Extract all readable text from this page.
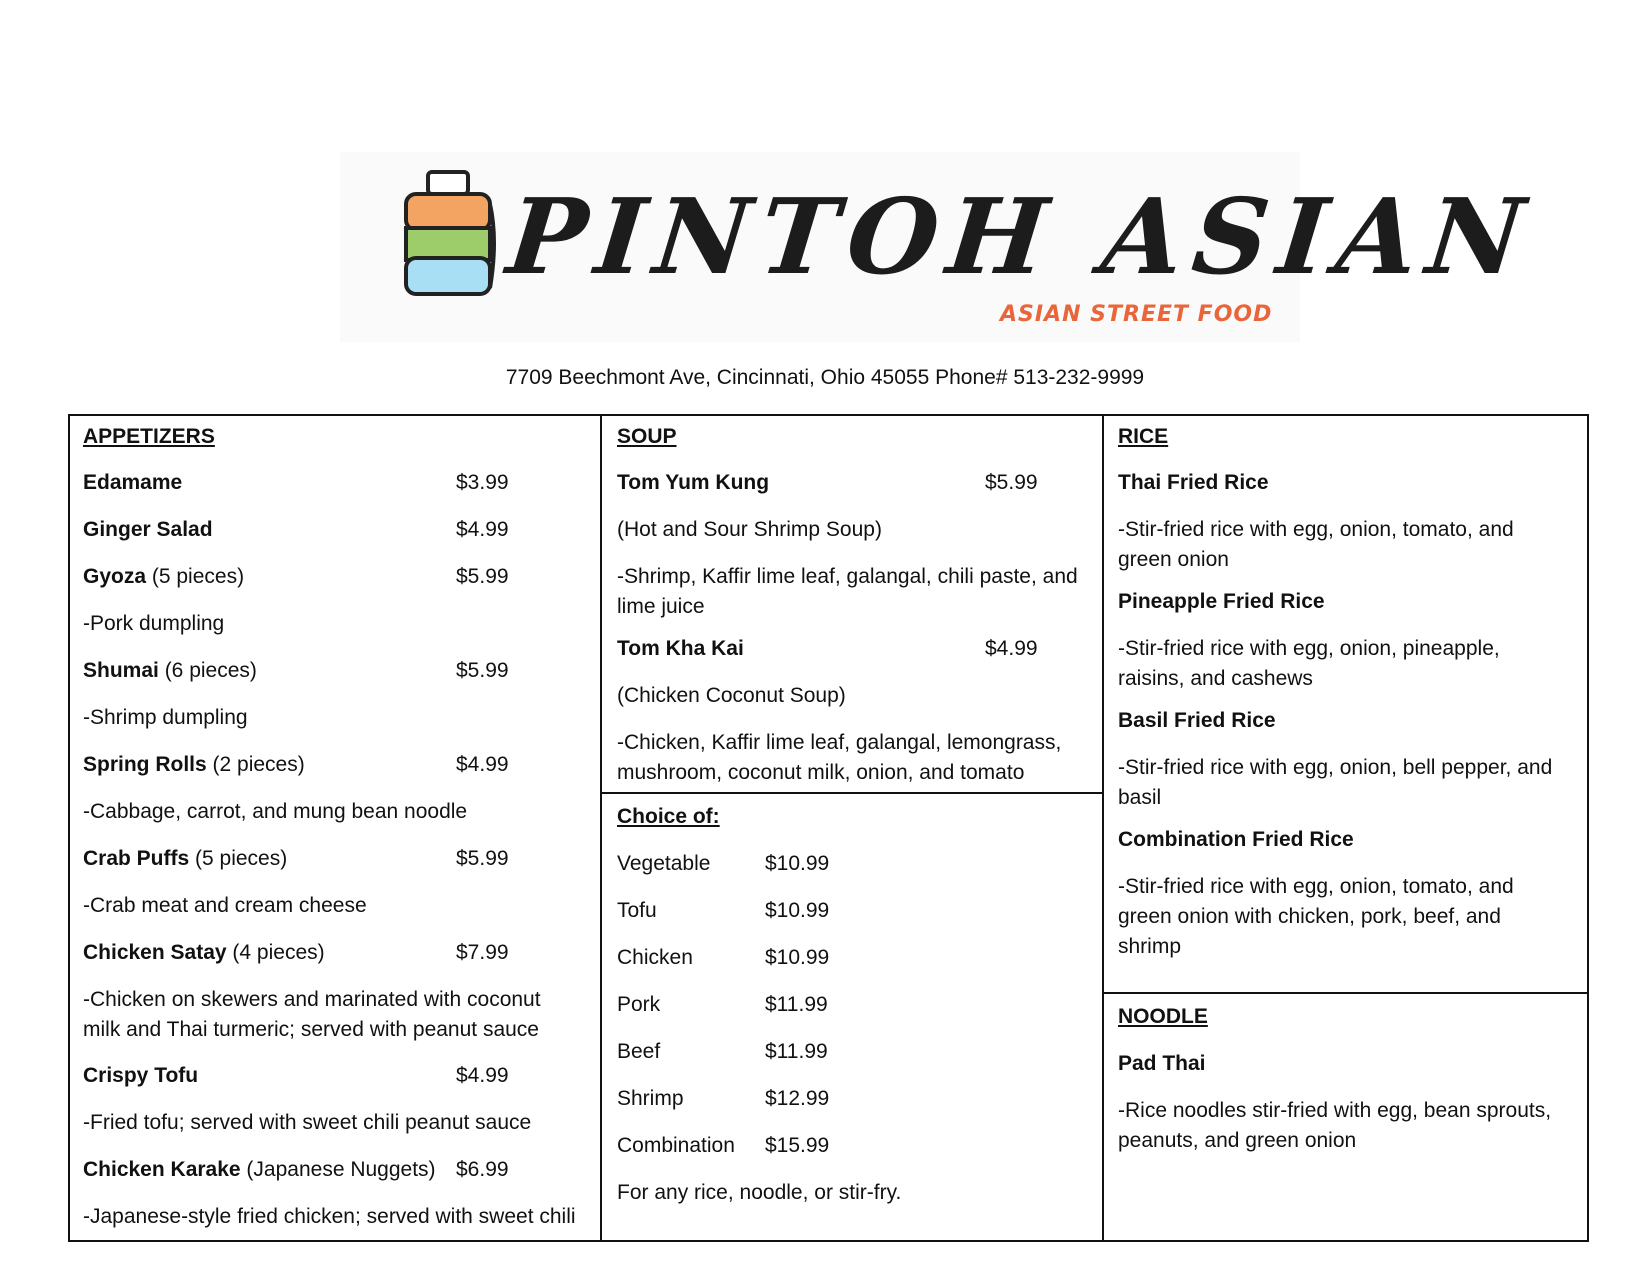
PINTOH ASIAN
ASIAN STREET FOOD
7709 Beechmont Ave, Cincinnati, Ohio 45055 Phone# 513-232-9999
APPETIZERS
Edamame	$3.99
Ginger Salad	$4.99
Gyoza (5 pieces)	$5.99
-Pork dumpling
Shumai (6 pieces)	$5.99
-Shrimp dumpling
Spring Rolls (2 pieces)	$4.99
-Cabbage, carrot, and mung bean noodle
Crab Puffs (5 pieces)	$5.99
-Crab meat and cream cheese
Chicken Satay (4 pieces)	$7.99
-Chicken on skewers and marinated with coconut milk and Thai turmeric; served with peanut sauce
Crispy Tofu	$4.99
-Fried tofu; served with sweet chili peanut sauce
Chicken Karake (Japanese Nuggets) $6.99
-Japanese-style fried chicken; served with sweet chili
SOUP
Tom Yum Kung	$5.99
(Hot and Sour Shrimp Soup)
-Shrimp, Kaffir lime leaf, galangal, chili paste, and lime juice
Tom Kha Kai	$4.99
(Chicken Coconut Soup)
-Chicken, Kaffir lime leaf, galangal, lemongrass, mushroom, coconut milk, onion, and tomato
Choice of:
Vegetable	$10.99
Tofu	$10.99
Chicken	$10.99
Pork	$11.99
Beef	$11.99
Shrimp	$12.99
Combination $15.99
For any rice, noodle, or stir-fry.
RICE
Thai Fried Rice
-Stir-fried rice with egg, onion, tomato, and green onion
Pineapple Fried Rice
-Stir-fried rice with egg, onion, pineapple, raisins, and cashews
Basil Fried Rice
-Stir-fried rice with egg, onion, bell pepper, and basil
Combination Fried Rice
-Stir-fried rice with egg, onion, tomato, and green onion with chicken, pork, beef, and shrimp
NOODLE
Pad Thai
-Rice noodles stir-fried with egg, bean sprouts, peanuts, and green onion
